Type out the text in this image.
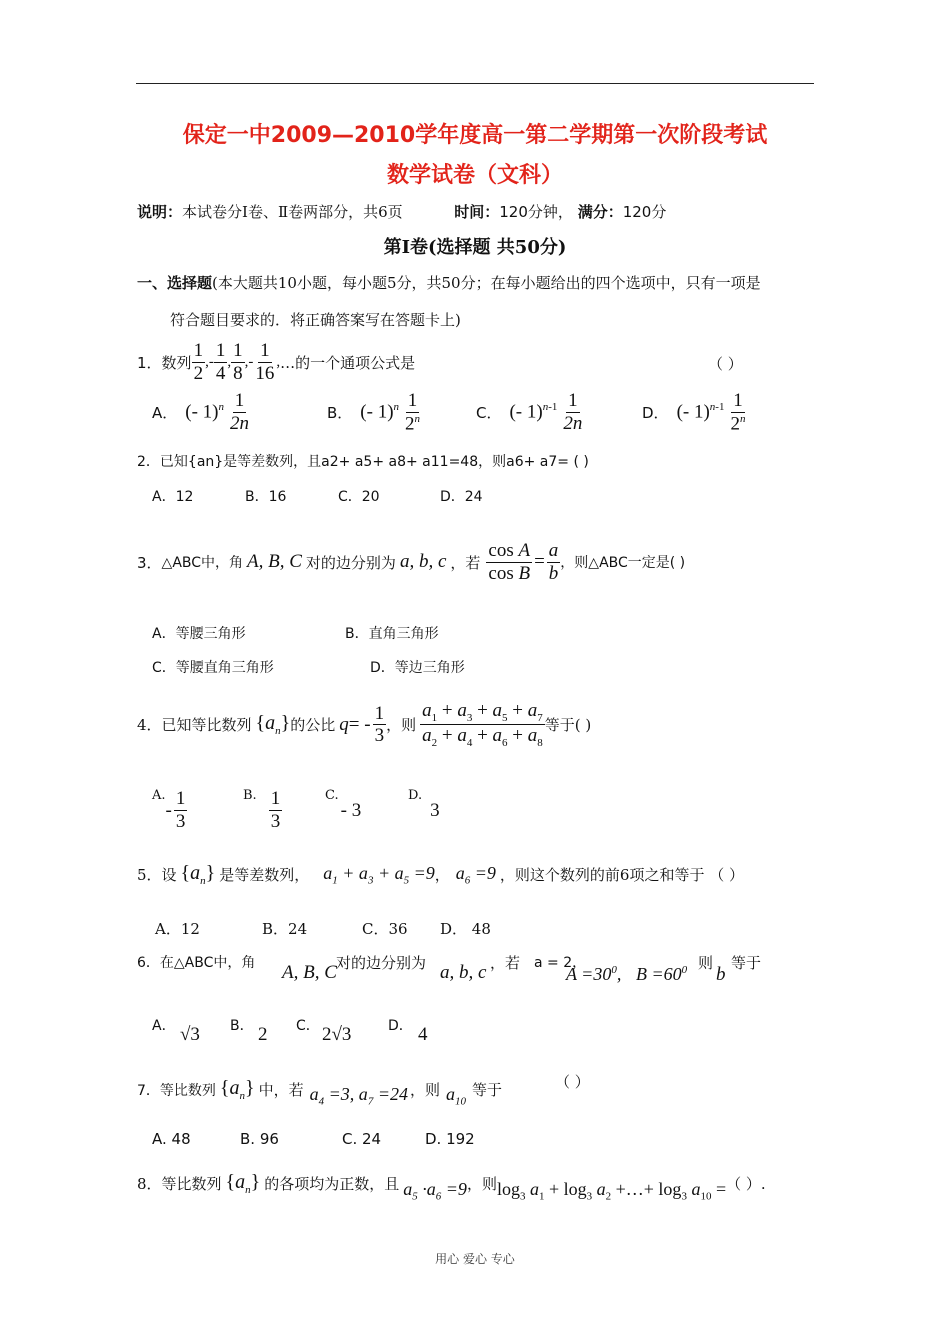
保定一中2009—2010学年度高一第二学期第一次阶段考试
数学试卷（文科）
说明：本试卷分Ⅰ卷、Ⅱ卷两部分，共6页	时间：120分钟， 满分：120分
第Ⅰ卷(选择题 共50分)
一、选择题(本大题共10小题，每小题5分，共50分；在每小题给出的四个选项中，只有一项是
符合题目要求的．将正确答案写在答题卡上)
1． 数列 $\frac{1}{2}$ ,- $\frac{1}{4}$ , $\frac{1}{8}$ ,- $\frac{1}{16}$ , …的一个通项公式是	（ ）
A． (- $1)^n \frac{1}{2n}$	B． (- $1)^n \frac{1}{2^n}$	C． (- $1)^{n-1} \frac{1}{2n}$	D． (- $1)^{n-1} \frac{1}{2^n}$
2．已知{an}是等差数列，且a2+ a5+ a8+ a11=48，则a6+ a7= ( )
A．12	B．16	C．20	D．24
3． △ABC中，角 A, B, C 对的边分别为 a, b, c ，若 $\frac{\text{cos A}}{\text{cos B}} = \frac{a}{b}$ ，则△ABC一定是( )
A．等腰三角形	B．直角三角形
C．等腰直角三角形	D．等边三角形
4．已知等比数列 $\{a_n\}$ 的公比 q = - $\frac{1}{3}$ ，则 $\frac{a_1 + a_3 + a_5 + a_7}{a_2 + a_4 + a_6 + a_8}$ 等于( )
A.
- $\frac{1}{3}$	B. $\frac{1}{3}$	C.
- 3
D.
3
5．设 $\{a_n\}$ 是等差数列， $a_1 + a_3 + a_5 =9$ ， $a_6 =9$ ，则这个数列的前6项之和等于 （ ）
A．12	B．24	C．36 D． 48
6．在△ABC中，角 A, B, C 对的边分别为 a, b, c ，若 a = 2，
$A =30^0$, $B =60^0$ 则
b
等于
A． √3 B． 2 C． 2√3	D． 4
7．等比数列 $\{a_n\}$ 中，若 $a_4 =3$, $a_7 =24$ ，则 $a_{10}$
等于	（ ）
A. 48	B. 96	C. 24	D. 192
8．等比数列 $\{a_n\}$ 的各项均为正数，且 $a_5 \cdot a_6 =9$ ，则 $\log_3 a_1 + \log_3 a_2$ +…+ $\log_3 a_{10}$ = （ ）.
用心 爱心 专心
